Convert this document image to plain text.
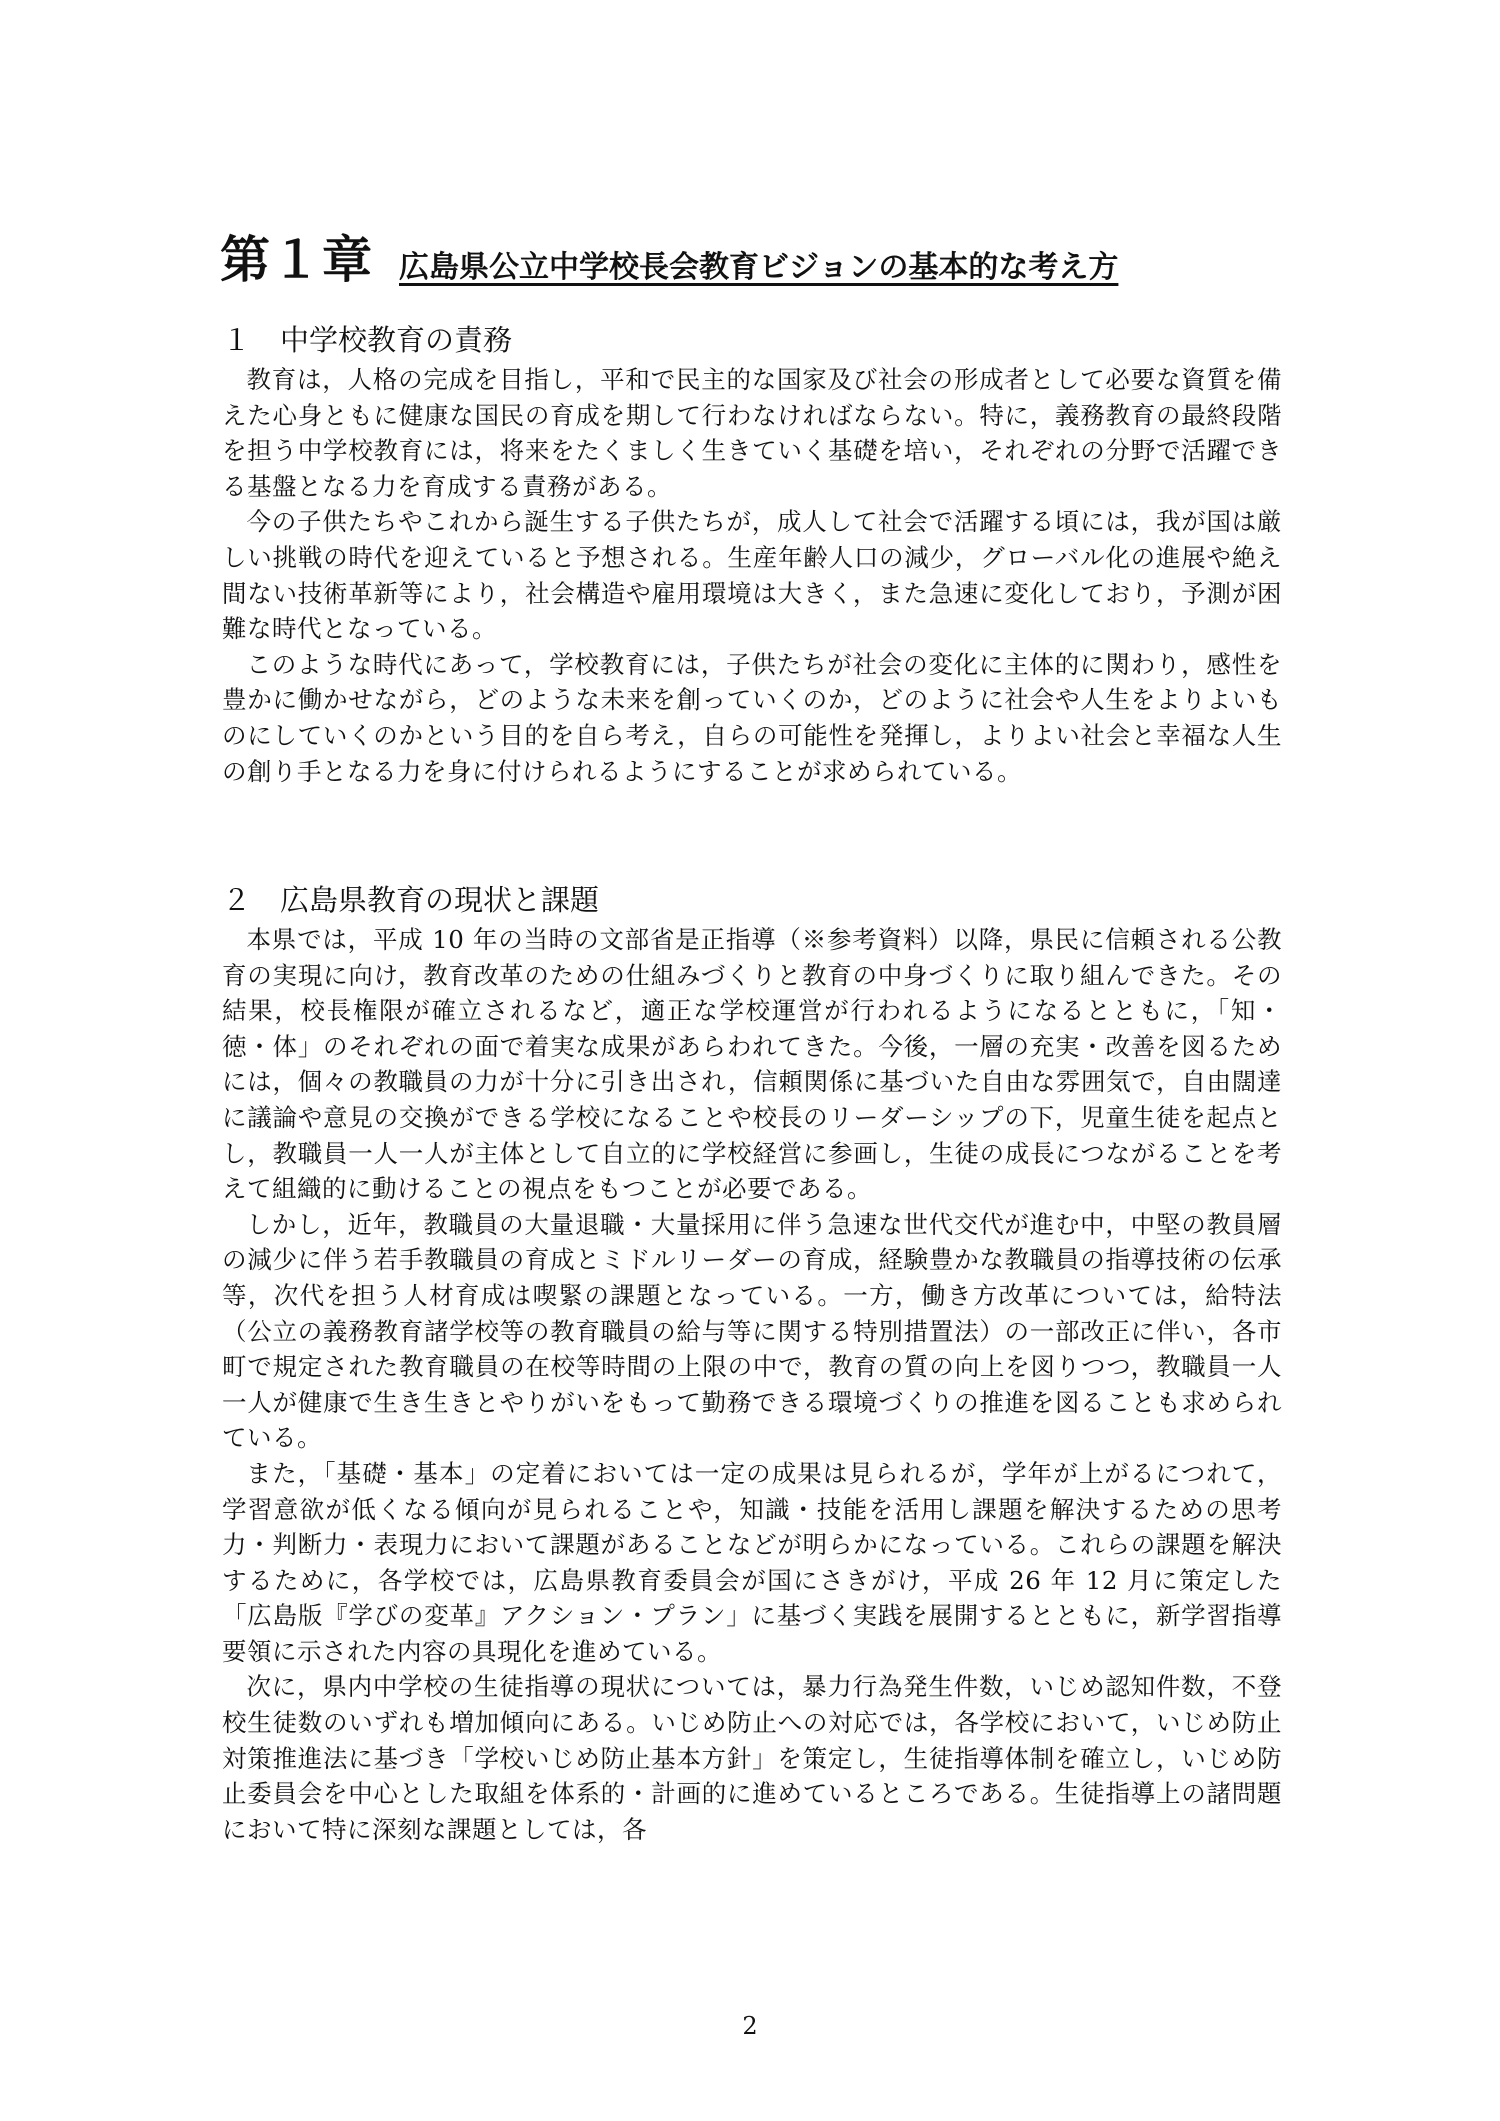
第１章 広島県公立中学校長会教育ビジョンの基本的な考え方
１ 中学校教育の責務

教育は，人格の完成を目指し，平和で民主的な国家及び社会の形成者として必要な資質を備えた心身ともに健康な国民の育成を期して行わなければならない。特に，義務教育の最終段階を担う中学校教育には，将来をたくましく生きていく基礎を培い，それぞれの分野で活躍できる基盤となる力を育成する責務がある。

今の子供たちやこれから誕生する子供たちが，成人して社会で活躍する頃には，我が国は厳しい挑戦の時代を迎えていると予想される。生産年齢人口の減少，グローバル化の進展や絶え間ない技術革新等により，社会構造や雇用環境は大きく，また急速に変化しており，予測が困難な時代となっている。

このような時代にあって，学校教育には，子供たちが社会の変化に主体的に関わり，感性を豊かに働かせながら，どのような未来を創っていくのか，どのように社会や人生をよりよいものにしていくのかという目的を自ら考え，自らの可能性を発揮し，よりよい社会と幸福な人生の創り手となる力を身に付けられるようにすることが求められている。

２ 広島県教育の現状と課題

本県では，平成 10 年の当時の文部省是正指導（※参考資料）以降，県民に信頼される公教育の実現に向け，教育改革のための仕組みづくりと教育の中身づくりに取り組んできた。その結果，校長権限が確立されるなど，適正な学校運営が行われるようになるとともに，「知・徳・体」のそれぞれの面で着実な成果があらわれてきた。今後，一層の充実・改善を図るためには，個々の教職員の力が十分に引き出され，信頼関係に基づいた自由な雰囲気で，自由闊達に議論や意見の交換ができる学校になることや校長のリーダーシップの下，児童生徒を起点とし，教職員一人一人が主体として自立的に学校経営に参画し，生徒の成長につながることを考えて組織的に動けることの視点をもつことが必要である。

しかし，近年，教職員の大量退職・大量採用に伴う急速な世代交代が進む中，中堅の教員層の減少に伴う若手教職員の育成とミドルリーダーの育成，経験豊かな教職員の指導技術の伝承等，次代を担う人材育成は喫緊の課題となっている。一方，働き方改革については，給特法（公立の義務教育諸学校等の教育職員の給与等に関する特別措置法）の一部改正に伴い，各市町で規定された教育職員の在校等時間の上限の中で，教育の質の向上を図りつつ，教職員一人一人が健康で生き生きとやりがいをもって勤務できる環境づくりの推進を図ることも求められている。

また，「基礎・基本」の定着においては一定の成果は見られるが，学年が上がるにつれて，学習意欲が低くなる傾向が見られることや，知識・技能を活用し課題を解決するための思考力・判断力・表現力において課題があることなどが明らかになっている。これらの課題を解決するために，各学校では，広島県教育委員会が国にさきがけ，平成 26 年 12 月に策定した「広島版『学びの変革』アクション・プラン」に基づく実践を展開するとともに，新学習指導要領に示された内容の具現化を進めている。

次に，県内中学校の生徒指導の現状については，暴力行為発生件数，いじめ認知件数，不登校生徒数のいずれも増加傾向にある。いじめ防止への対応では，各学校において，いじめ防止対策推進法に基づき「学校いじめ防止基本方針」を策定し，生徒指導体制を確立し，いじめ防止委員会を中心とした取組を体系的・計画的に進めているところである。生徒指導上の諸問題において特に深刻な課題としては，各

2
